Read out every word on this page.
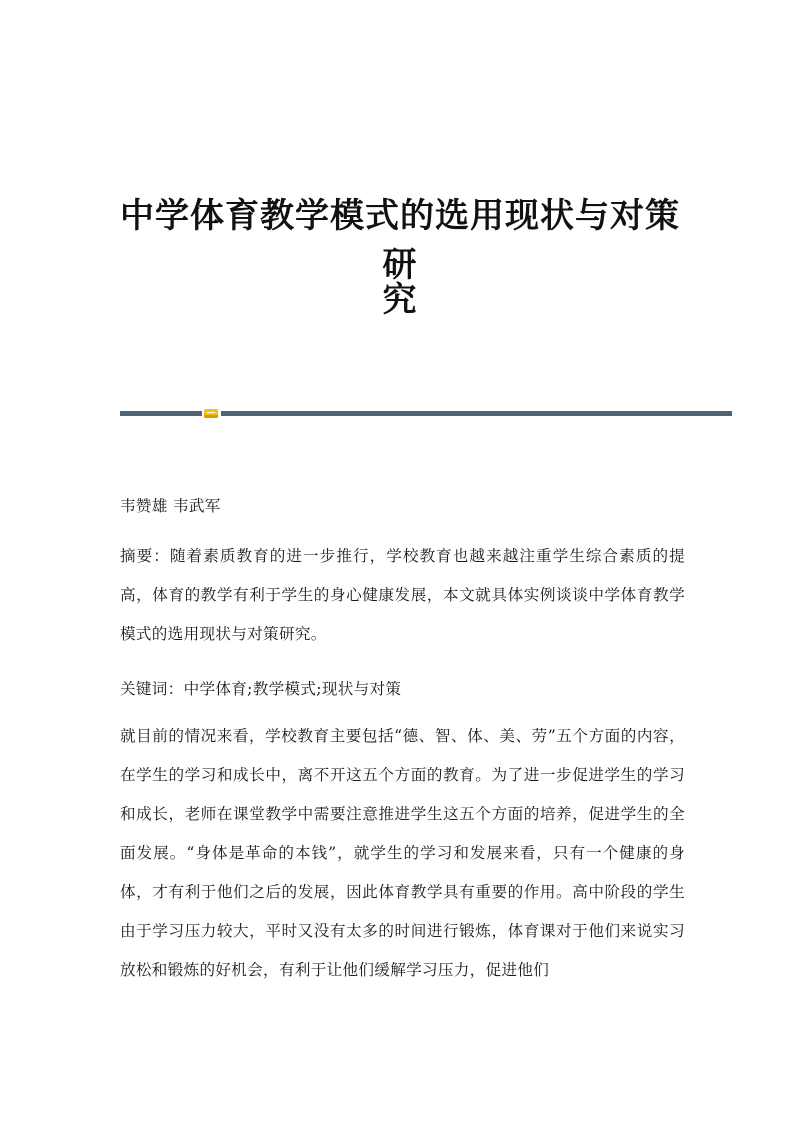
中学体育教学模式的选用现状与对策研
究
韦赞雄 韦武军
摘要：随着素质教育的进一步推行，学校教育也越来越注重学生综合素质的提高，体育的教学有利于学生的身心健康发展，本文就具体实例谈谈中学体育教学模式的选用现状与对策研究。
关键词：中学体育;教学模式;现状与对策
就目前的情况来看，学校教育主要包括“德、智、体、美、劳”五个方面的内容，在学生的学习和成长中，离不开这五个方面的教育。为了进一步促进学生的学习和成长，老师在课堂教学中需要注意推进学生这五个方面的培养，促进学生的全面发展。“身体是革命的本钱”，就学生的学习和发展来看，只有一个健康的身体，才有利于他们之后的发展，因此体育教学具有重要的作用。高中阶段的学生由于学习压力较大，平时又没有太多的时间进行锻炼，体育课对于他们来说实习放松和锻炼的好机会，有利于让他们缓解学习压力，促进他们
